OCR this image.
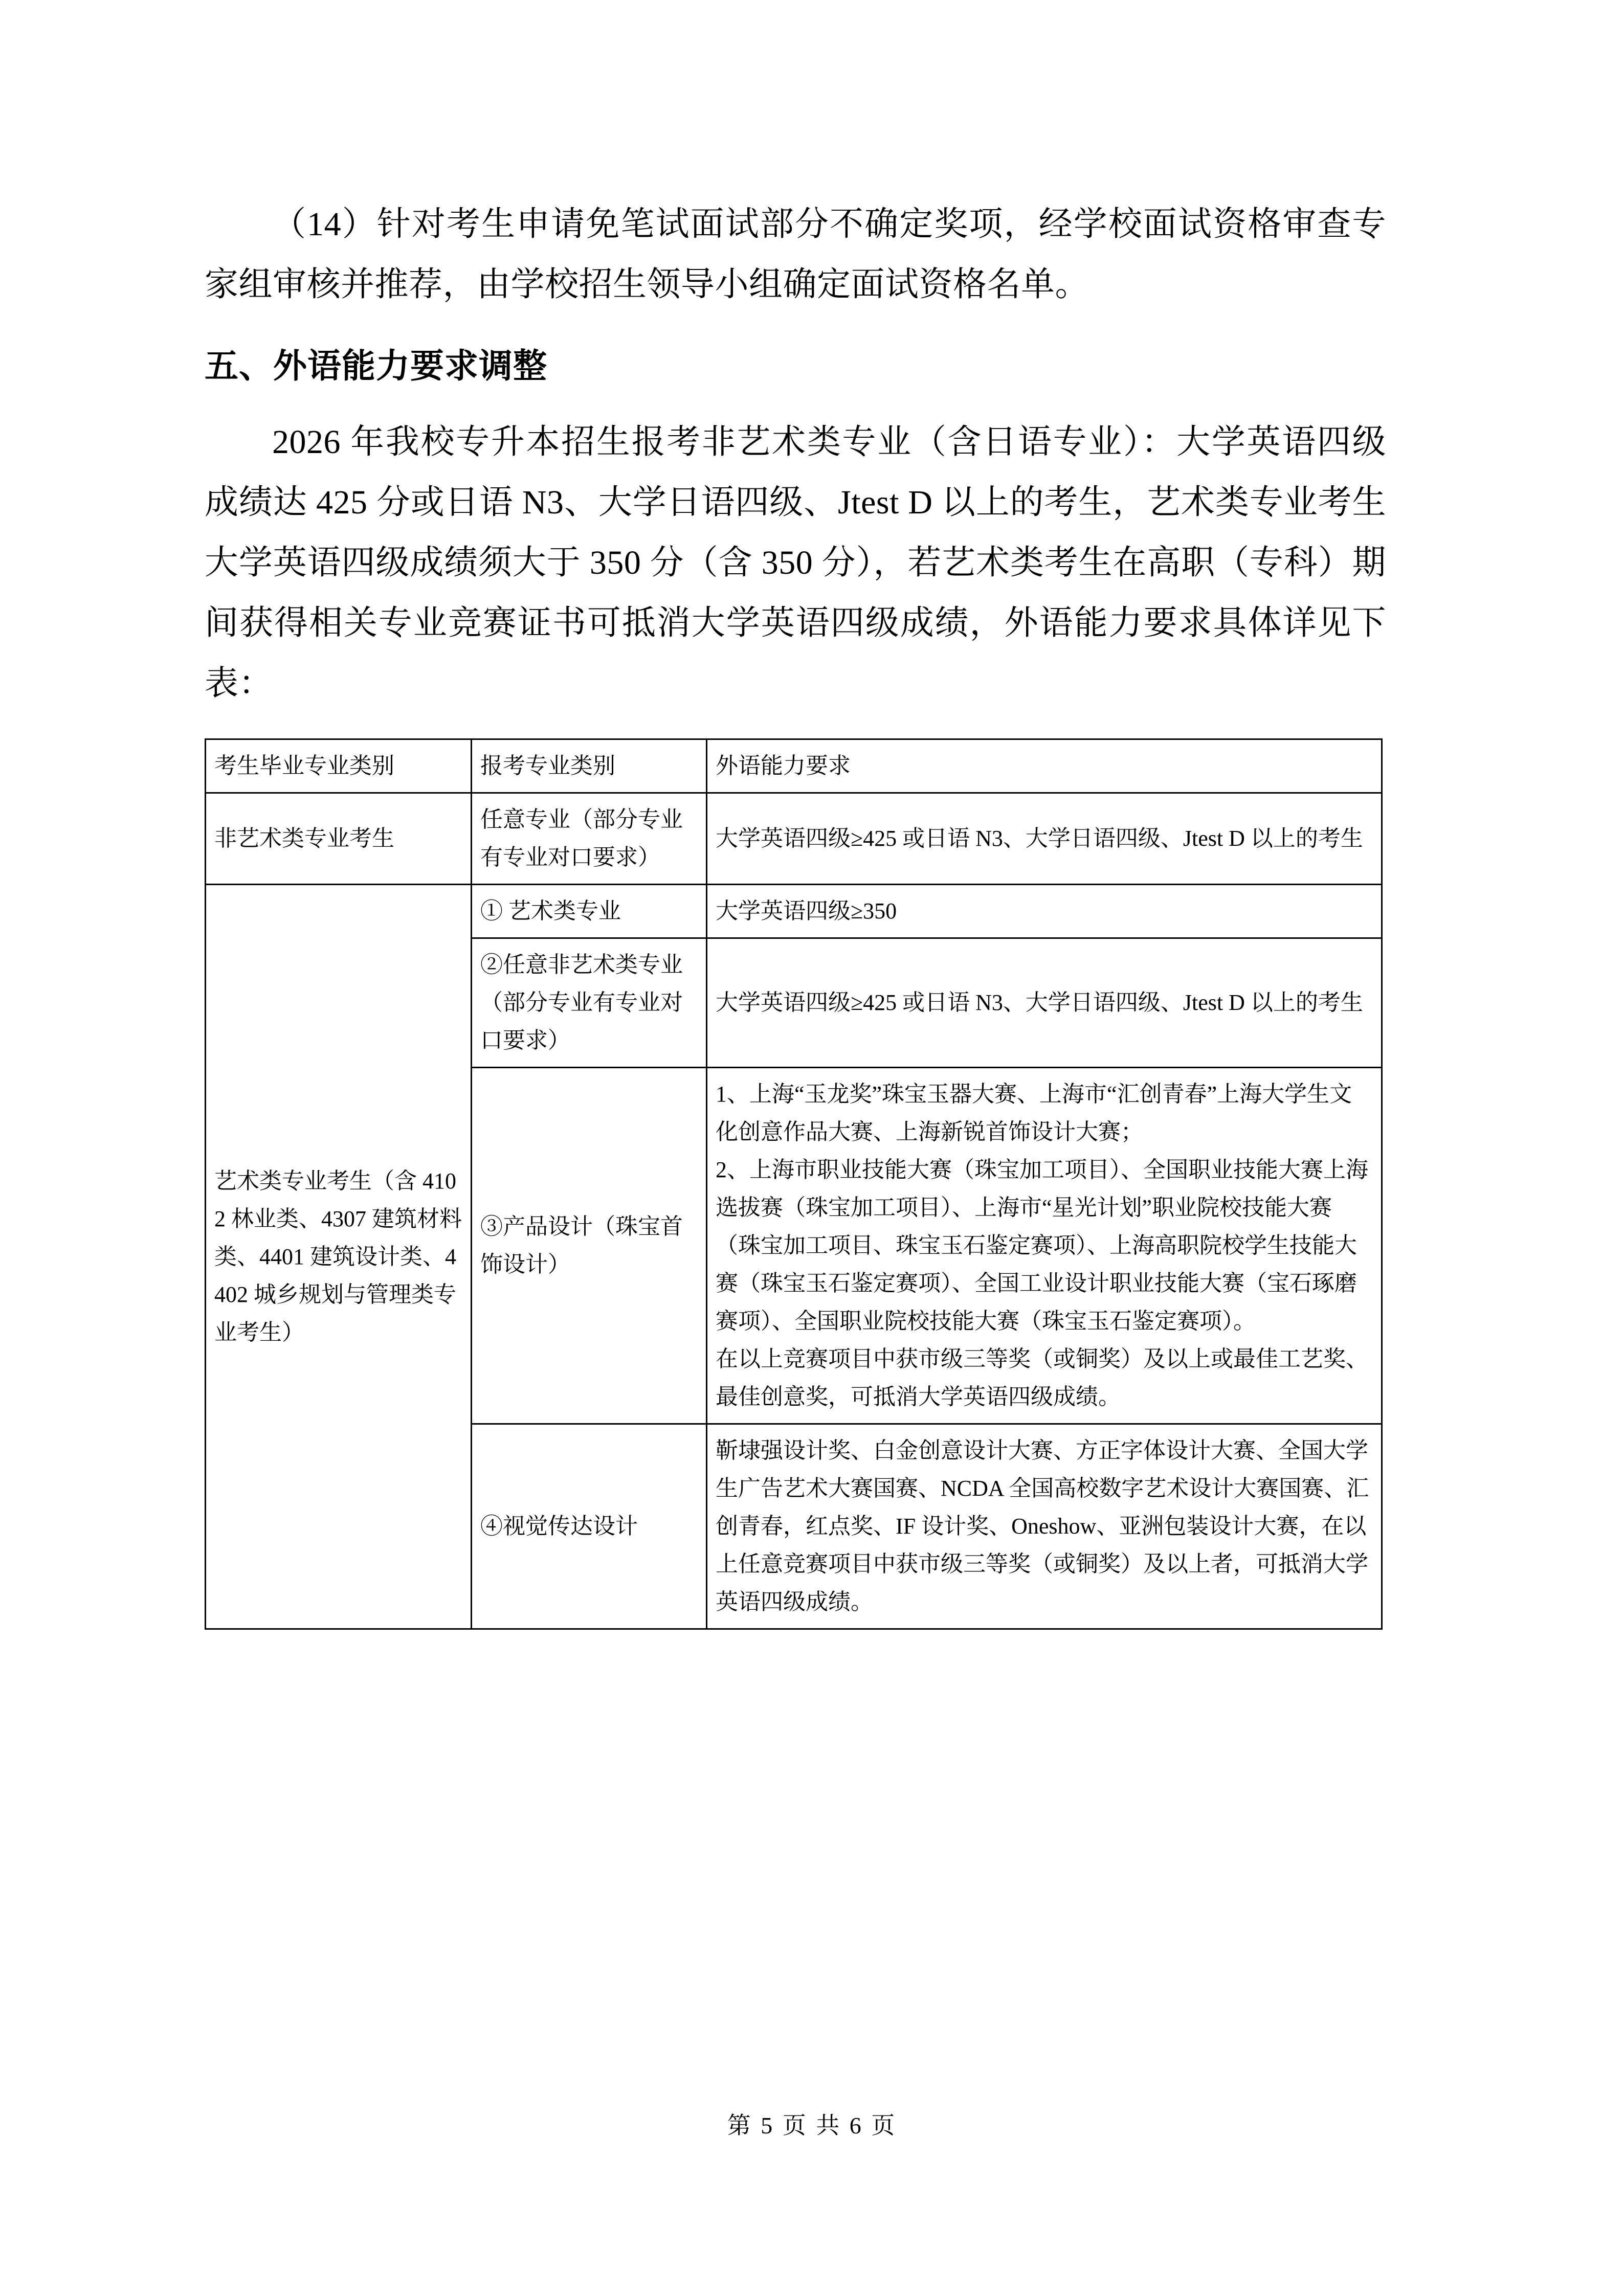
（14）针对考生申请免笔试面试部分不确定奖项，经学校面试资格审查专家组审核并推荐，由学校招生领导小组确定面试资格名单。

五、外语能力要求调整

2026 年我校专升本招生报考非艺术类专业（含日语专业）：大学英语四级成绩达 425 分或日语 N3、大学日语四级、Jtest D 以上的考生，艺术类专业考生大学英语四级成绩须大于 350 分（含 350 分），若艺术类考生在高职（专科）期间获得相关专业竞赛证书可抵消大学英语四级成绩，外语能力要求具体详见下表：

考生毕业专业类别	报考专业类别	外语能力要求

非艺术类专业考生	任意专业（部分专业有专业对口要求）	大学英语四级≥425 或日语 N3、大学日语四级、Jtest D 以上的考生

艺术类专业考生（含 4102 林业类、4307 建筑材料类、4401 建筑设计类、4402 城乡规划与管理类专业考生）	① 艺术类专业	大学英语四级≥350

	②任意非艺术类专业（部分专业有专业对口要求）	大学英语四级≥425 或日语 N3、大学日语四级、Jtest D 以上的考生

	③产品设计（珠宝首饰设计）	1、上海“玉龙奖”珠宝玉器大赛、上海市“汇创青春”上海大学生文化创意作品大赛、上海新锐首饰设计大赛；
2、上海市职业技能大赛（珠宝加工项目）、全国职业技能大赛上海选拔赛（珠宝加工项目）、上海市“星光计划”职业院校技能大赛（珠宝加工项目、珠宝玉石鉴定赛项）、上海高职院校学生技能大赛（珠宝玉石鉴定赛项）、全国工业设计职业技能大赛（宝石琢磨赛项）、全国职业院校技能大赛（珠宝玉石鉴定赛项）。
在以上竞赛项目中获市级三等奖（或铜奖）及以上或最佳工艺奖、最佳创意奖，可抵消大学英语四级成绩。

	④视觉传达设计	靳埭强设计奖、白金创意设计大赛、方正字体设计大赛、全国大学生广告艺术大赛国赛、NCDA 全国高校数字艺术设计大赛国赛、汇创青春，红点奖、IF 设计奖、Oneshow、亚洲包装设计大赛，在以上任意竞赛项目中获市级三等奖（或铜奖）及以上者，可抵消大学英语四级成绩。
第 5 页 共 6 页
